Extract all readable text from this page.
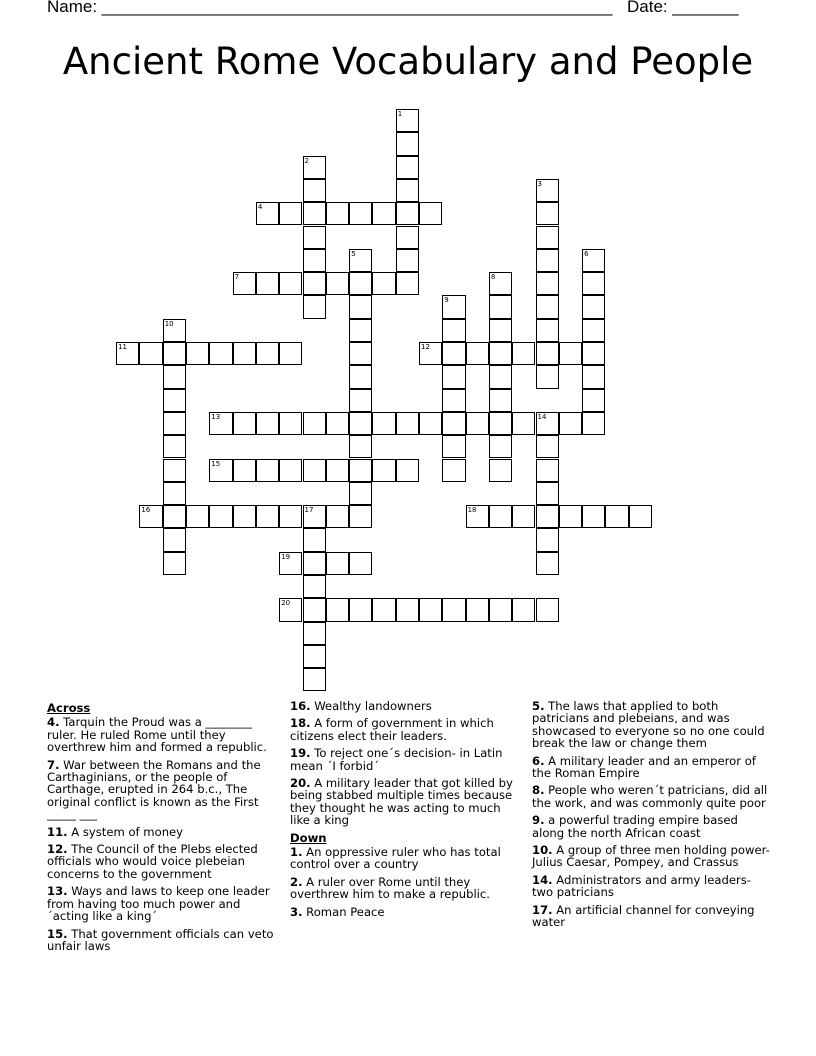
Name: ______________________________________________________ Date: _______
Ancient Rome Vocabulary and People
1
2
3
4
5	6
7	8
9
10
11	12
13	14
15
16	17	18
19
20
Across
4. Tarquin the Proud was a ________ ruler. He ruled Rome until they overthrew him and formed a republic.
7. War between the Romans and the Carthaginians, or the people of Carthage, erupted in 264 b.c., The original conflict is known as the First _____ ___
11. A system of money
12. The Council of the Plebs elected officials who would voice plebeian concerns to the government
13. Ways and laws to keep one leader from having too much power and ´acting like a king´
15. That government officials can veto unfair laws
16. Wealthy landowners
18. A form of government in which citizens elect their leaders.
19. To reject one´s decision- in Latin mean ´I forbid´
20. A military leader that got killed by being stabbed multiple times because they thought he was acting to much like a king
Down
1. An oppressive ruler who has total control over a country
2. A ruler over Rome until they overthrew him to make a republic.
3. Roman Peace
5. The laws that applied to both patricians and plebeians, and was showcased to everyone so no one could break the law or change them
6. A military leader and an emperor of the Roman Empire
8. People who weren´t patricians, did all the work, and was commonly quite poor
9. a powerful trading empire based along the north African coast
10. A group of three men holding power- Julius Caesar, Pompey, and Crassus
14. Administrators and army leaders- two patricians
17. An artificial channel for conveying water
